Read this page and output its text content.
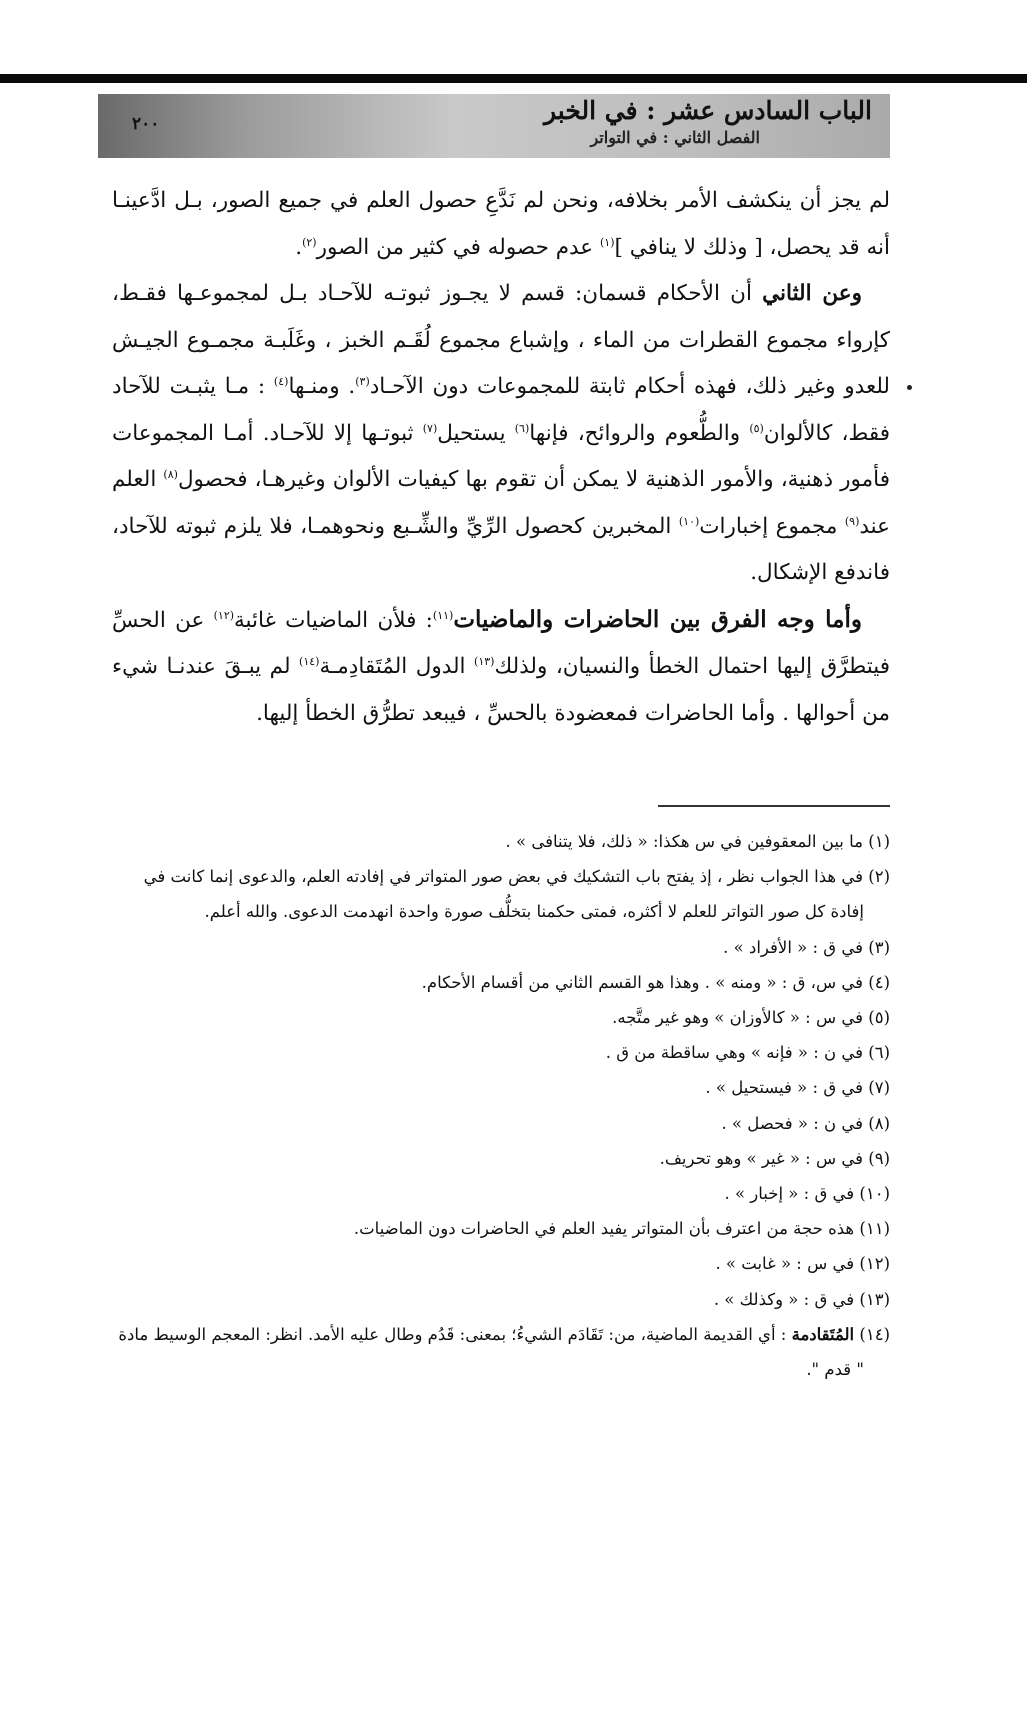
الباب السادس عشر : في الخبر
الفصل الثاني : في التواتر
٢٠٠

لم يجز أن ينكشف الأمر بخلافه، ونحن لم نَدَّعِ حصول العلم في جميع الصور، بـل ادَّعينـا أنه قد يحصل، [ وذلك لا ينافي ]$^{(١)}$ عدم حصوله في كثير من الصور$^{(٢)}$.

وعن الثاني أن الأحكام قسمان: قسم لا يجـوز ثبوتـه للآحـاد بـل لمجموعـها فقـط، كإرواء مجموع القطرات من الماء ، وإشباع مجموع لُقَـم الخبز ، وغَلَبـة مجمـوع الجيـش للعدو وغير ذلك، فهذه أحكام ثابتة للمجموعات دون الآحـاد$^{(٣)}$. ومنـها$^{(٤)}$ : مـا يثبـت للآحاد فقط، كالألوان$^{(٥)}$ والطُّعوم والروائح، فإنها$^{(٦)}$ يستحيل$^{(٧)}$ ثبوتـها إلا للآحـاد. أمـا المجموعات فأمور ذهنية، والأمور الذهنية لا يمكن أن تقوم بها كيفيات الألوان وغيرهـا، فحصول$^{(٨)}$ العلم عند$^{(٩)}$ مجموع إخبارات$^{(١٠)}$ المخبرين كحصول الرِّيِّ والشِّـبع ونحوهمـا، فلا يلزم ثبوته للآحاد، فاندفع الإشكال.

وأما وجه الفرق بين الحاضرات والماضيات$^{(١١)}$: فلأن الماضيات غائبة$^{(١٢)}$ عن الحسِّ فيتطرَّق إليها احتمال الخطأ والنسيان، ولذلك$^{(١٣)}$ الدول المُتَقادِمـة$^{(١٤)}$ لم يبـقَ عندنـا شيء من أحوالها . وأما الحاضرات فمعضودة بالحسِّ ، فيبعد تطرُّق الخطأ إليها.

(١) ما بين المعقوفين في س هكذا: « ذلك، فلا يتنافى » .

(٢) في هذا الجواب نظر ، إذ يفتح باب التشكيك في بعض صور المتواتر في إفادته العلم، والدعوى إنما كانت في

إفادة كل صور التواتر للعلم لا أكثره، فمتى حكمنا بتخلُّف صورة واحدة انهدمت الدعوى. والله أعلم.

(٣) في ق : « الأفراد » .

(٤) في س، ق : « ومنه » . وهذا هو القسم الثاني من أقسام الأحكام.

(٥) في س : « كالأوزان » وهو غير متَّجه.

(٦) في ن : « فإنه » وهي ساقطة من ق .

(٧) في ق : « فيستحيل » .

(٨) في ن : « فحصل » .

(٩) في س : « غير » وهو تحريف.

(١٠) في ق : « إخبار » .

(١١) هذه حجة من اعترف بأن المتواتر يفيد العلم في الحاضرات دون الماضيات.

(١٢) في س : « غابت » .

(١٣) في ق : « وكذلك » .

(١٤) المُتَقادمة : أي القديمة الماضية، من: تَقَادَم الشيءُ؛ بمعنى: قَدُم وطال عليه الأمد. انظر: المعجم الوسيط مادة

" قدم ".
